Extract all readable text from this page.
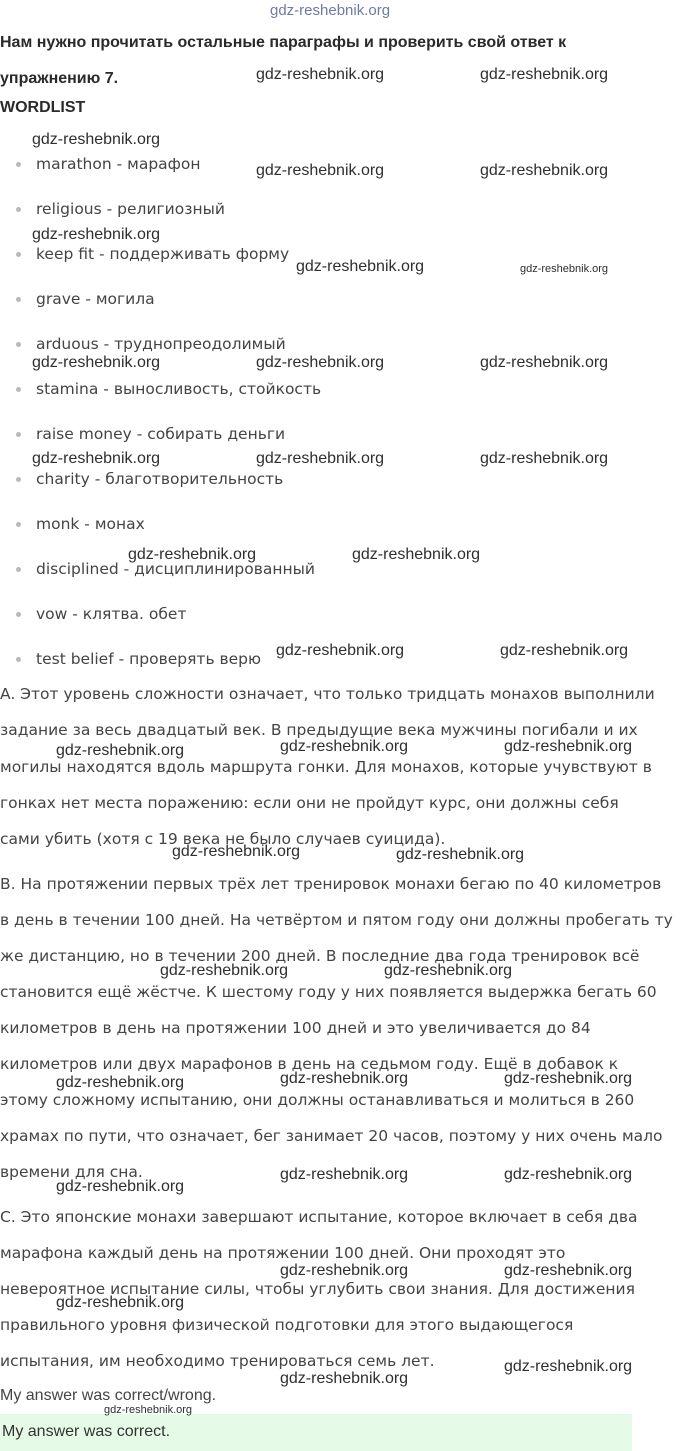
gdz-reshebnik.org
Нам нужно прочитать остальные параграфы и проверить свой ответ к
упражнению 7.
WORDLIST
marathon - марафон
religious - религиозный
keep fit - поддерживать форму
grave - могила
arduous - труднопреодолимый
stamina - выносливость, стойкость
raise money - собирать деньги
charity - благотворительность
monk - монах
disciplined - дисциплинированный
vow - клятва. обет
test belief - проверять верю
A. Этот уровень сложности означает, что только тридцать монахов выполнили
задание за весь двадцатый век. В предыдущие века мужчины погибали и их
могилы находятся вдоль маршрута гонки. Для монахов, которые учувствуют в
гонках нет места поражению: если они не пройдут курс, они должны себя
сами убить (хотя с 19 века не было случаев суицида).
B. На протяжении первых трёх лет тренировок монахи бегаю по 40 километров
в день в течении 100 дней. На четвёртом и пятом году они должны пробегать ту
же дистанцию, но в течении 200 дней. В последние два года тренировок всё
становится ещё жёстче. К шестому году у них появляется выдержка бегать 60
километров в день на протяжении 100 дней и это увеличивается до 84
километров или двух марафонов в день на седьмом году. Ещё в добавок к
этому сложному испытанию, они должны останавливаться и молиться в 260
храмах по пути, что означает, бег занимает 20 часов, поэтому у них очень мало
времени для сна.
C. Это японские монахи завершают испытание, которое включает в себя два
марафона каждый день на протяжении 100 дней. Они проходят это
невероятное испытание силы, чтобы углубить свои знания. Для достижения
правильного уровня физической подготовки для этого выдающегося
испытания, им необходимо тренироваться семь лет.
My answer was correct/wrong.
My answer was correct.
gdz-reshebnik.org	gdz-reshebnik.org
gdz-reshebnik.org
gdz-reshebnik.org	gdz-reshebnik.org
gdz-reshebnik.org
gdz-reshebnik.org	gdz-reshebnik.org
gdz-reshebnik.org	gdz-reshebnik.org	gdz-reshebnik.org
gdz-reshebnik.org	gdz-reshebnik.org	gdz-reshebnik.org
gdz-reshebnik.org	gdz-reshebnik.org
gdz-reshebnik.org	gdz-reshebnik.org
gdz-reshebnik.org	gdz-reshebnik.org	gdz-reshebnik.org
gdz-reshebnik.org	gdz-reshebnik.org
gdz-reshebnik.org	gdz-reshebnik.org
gdz-reshebnik.org	gdz-reshebnik.org	gdz-reshebnik.org
gdz-reshebnik.org
gdz-reshebnik.org	gdz-reshebnik.org
gdz-reshebnik.org	gdz-reshebnik.org
gdz-reshebnik.org
gdz-reshebnik.org
gdz-reshebnik.org
gdz-reshebnik.org
